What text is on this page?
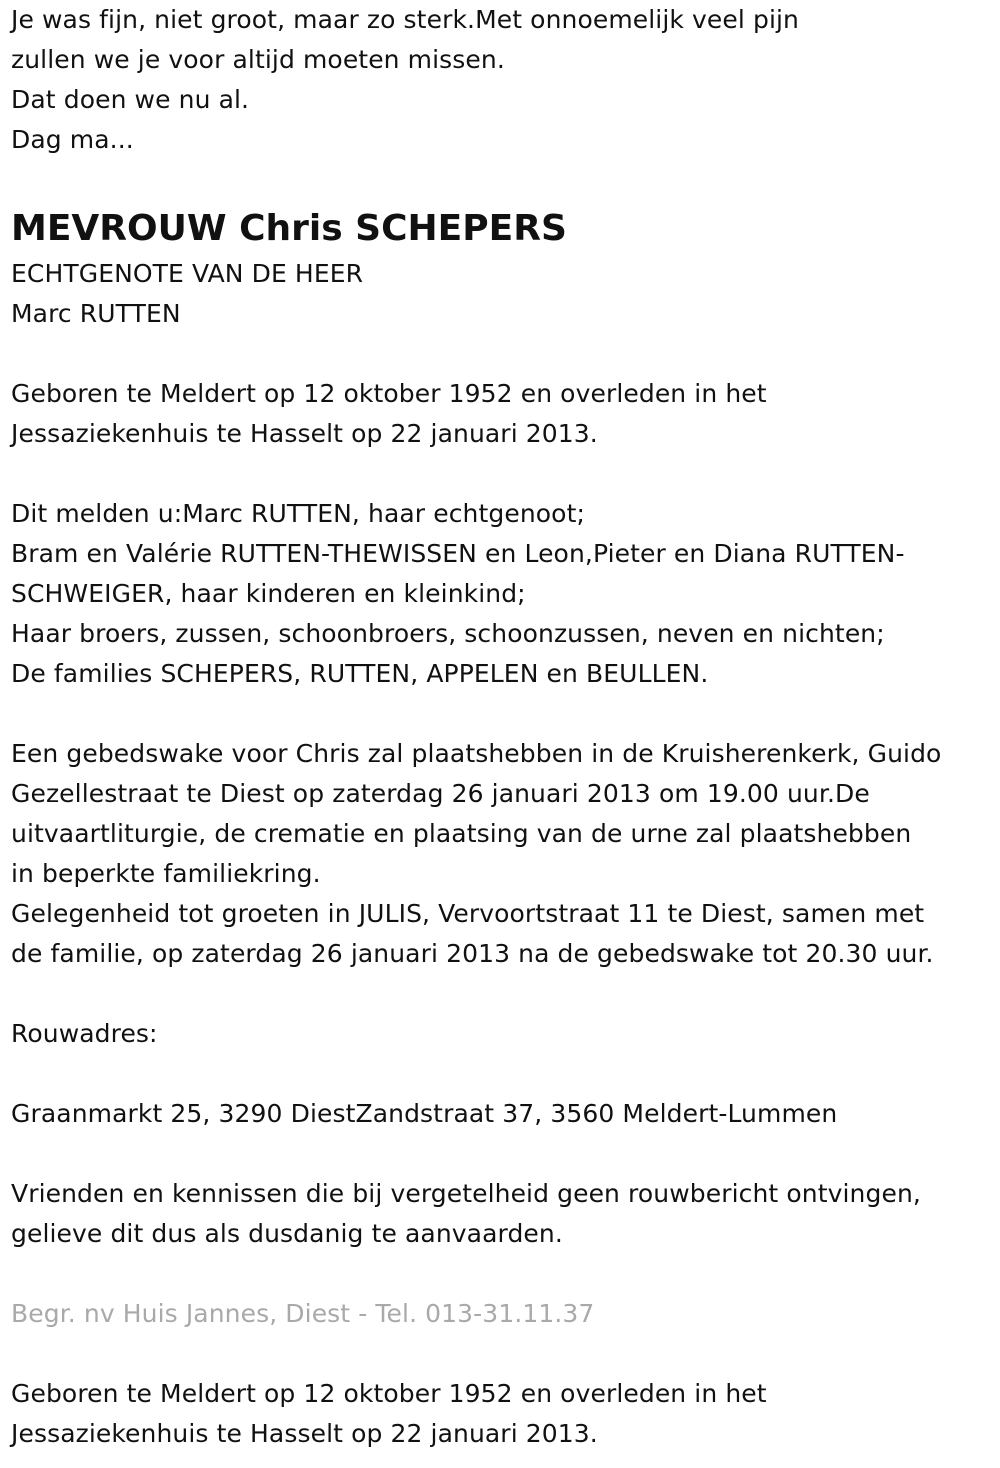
Je was fijn, niet groot, maar zo sterk.Met onnoemelijk veel pijn
zullen we je voor altijd moeten missen.
Dat doen we nu al.
Dag ma...
MEVROUW Chris SCHEPERS
ECHTGENOTE VAN DE HEER
Marc RUTTEN
Geboren te Meldert op 12 oktober 1952 en overleden in het
Jessaziekenhuis te Hasselt op 22 januari 2013.
Dit melden u:Marc RUTTEN, haar echtgenoot;
Bram en Valérie RUTTEN-THEWISSEN en Leon,Pieter en Diana RUTTEN-
SCHWEIGER, haar kinderen en kleinkind;
Haar broers, zussen, schoonbroers, schoonzussen, neven en nichten;
De families SCHEPERS, RUTTEN, APPELEN en BEULLEN.
Een gebedswake voor Chris zal plaatshebben in de Kruisherenkerk, Guido
Gezellestraat te Diest op zaterdag 26 januari 2013 om 19.00 uur.De
uitvaartliturgie, de crematie en plaatsing van de urne zal plaatshebben
in beperkte familiekring.
Gelegenheid tot groeten in JULIS, Vervoortstraat 11 te Diest, samen met
de familie, op zaterdag 26 januari 2013 na de gebedswake tot 20.30 uur.
Rouwadres:
Graanmarkt 25, 3290 DiestZandstraat 37, 3560 Meldert-Lummen
Vrienden en kennissen die bij vergetelheid geen rouwbericht ontvingen,
gelieve dit dus als dusdanig te aanvaarden.
Begr. nv Huis Jannes, Diest - Tel. 013-31.11.37
Geboren te Meldert op 12 oktober 1952 en overleden in het
Jessaziekenhuis te Hasselt op 22 januari 2013.
